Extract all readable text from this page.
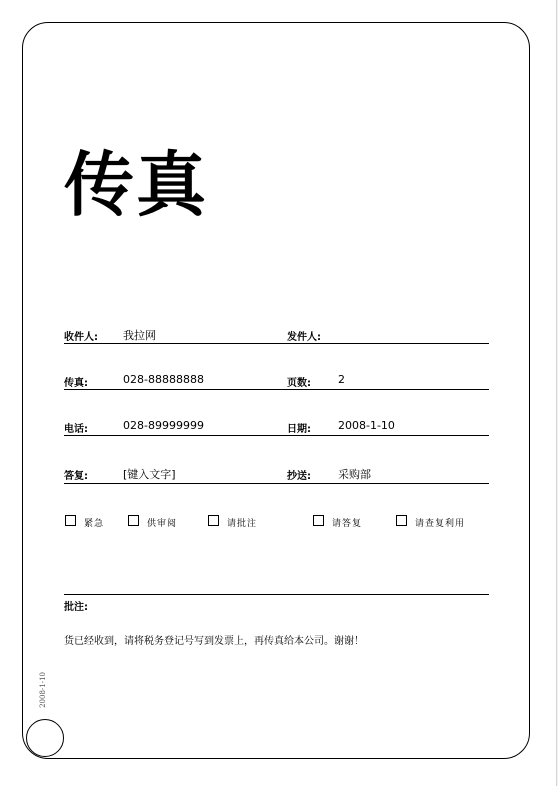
传真
收件人: 我拉网	发件人:
传真:	028-88888888	页数: 2
电话:	028-89999999	日期: 2008-1-10
答复:	[键入文字]	抄送: 采购部
紧急	供审阅	请批注	请答复	请查复利用
批注:
货已经收到，请将税务登记号写到发票上，再传真给本公司。谢谢！
2008-1-10
